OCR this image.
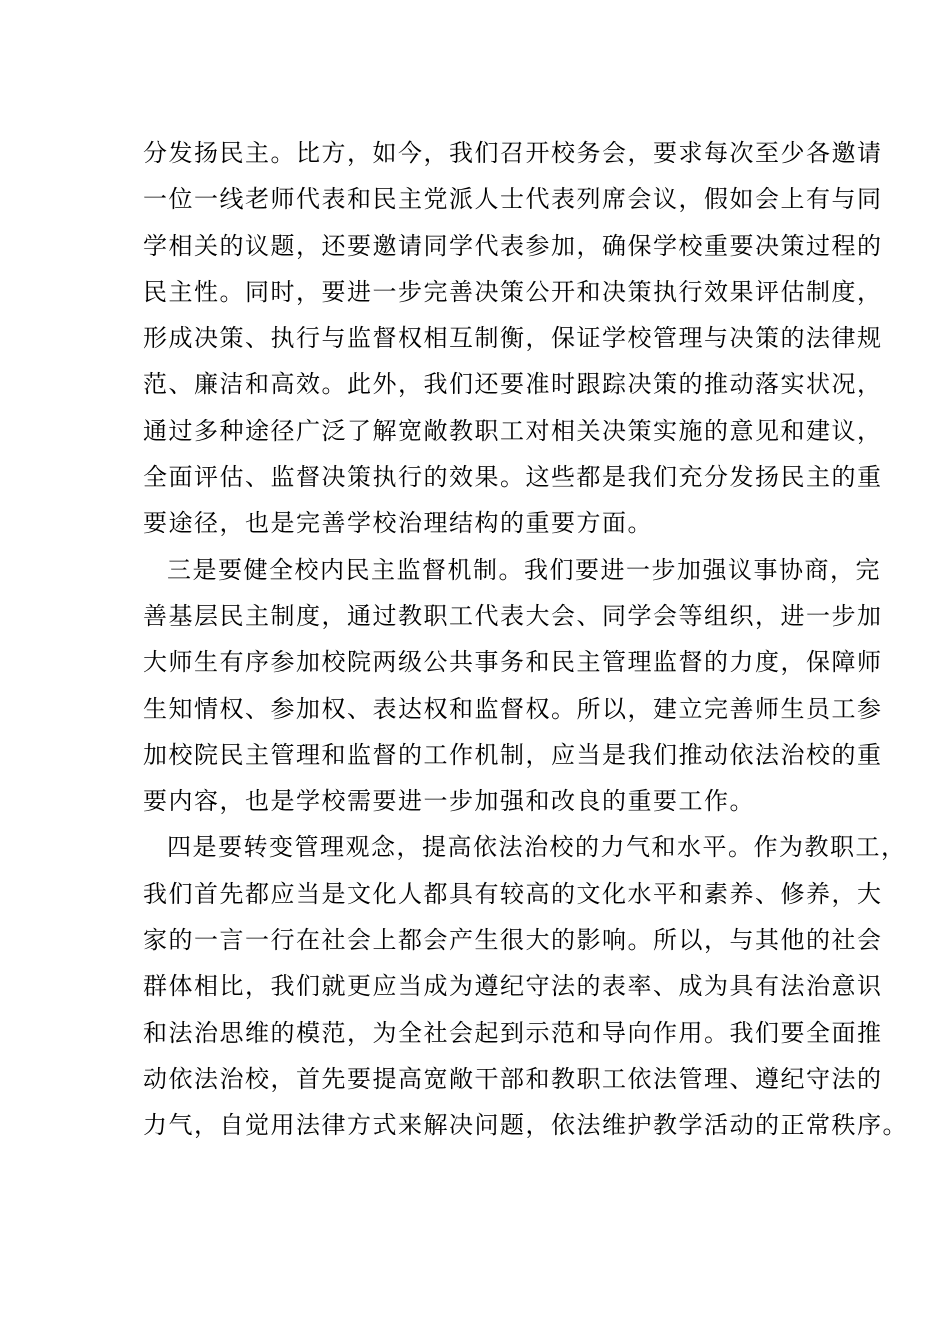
分发扬民主。比方，如今，我们召开校务会，要求每次至少各邀请
一位一线老师代表和民主党派人士代表列席会议，假如会上有与同
学相关的议题，还要邀请同学代表参加，确保学校重要决策过程的
民主性。同时，要进一步完善决策公开和决策执行效果评估制度，
形成决策、执行与监督权相互制衡，保证学校管理与决策的法律规
范、廉洁和高效。此外，我们还要准时跟踪决策的推动落实状况，
通过多种途径广泛了解宽敞教职工对相关决策实施的意见和建议，
全面评估、监督决策执行的效果。这些都是我们充分发扬民主的重
要途径，也是完善学校治理结构的重要方面。
三是要健全校内民主监督机制。我们要进一步加强议事协商，完
善基层民主制度，通过教职工代表大会、同学会等组织，进一步加
大师生有序参加校院两级公共事务和民主管理监督的力度，保障师
生知情权、参加权、表达权和监督权。所以，建立完善师生员工参
加校院民主管理和监督的工作机制，应当是我们推动依法治校的重
要内容，也是学校需要进一步加强和改良的重要工作。
四是要转变管理观念，提高依法治校的力气和水平。作为教职工，
我们首先都应当是文化人都具有较高的文化水平和素养、修养，大
家的一言一行在社会上都会产生很大的影响。所以，与其他的社会
群体相比，我们就更应当成为遵纪守法的表率、成为具有法治意识
和法治思维的模范，为全社会起到示范和导向作用。我们要全面推
动依法治校，首先要提高宽敞干部和教职工依法管理、遵纪守法的
力气，自觉用法律方式来解决问题，依法维护教学活动的正常秩序。
